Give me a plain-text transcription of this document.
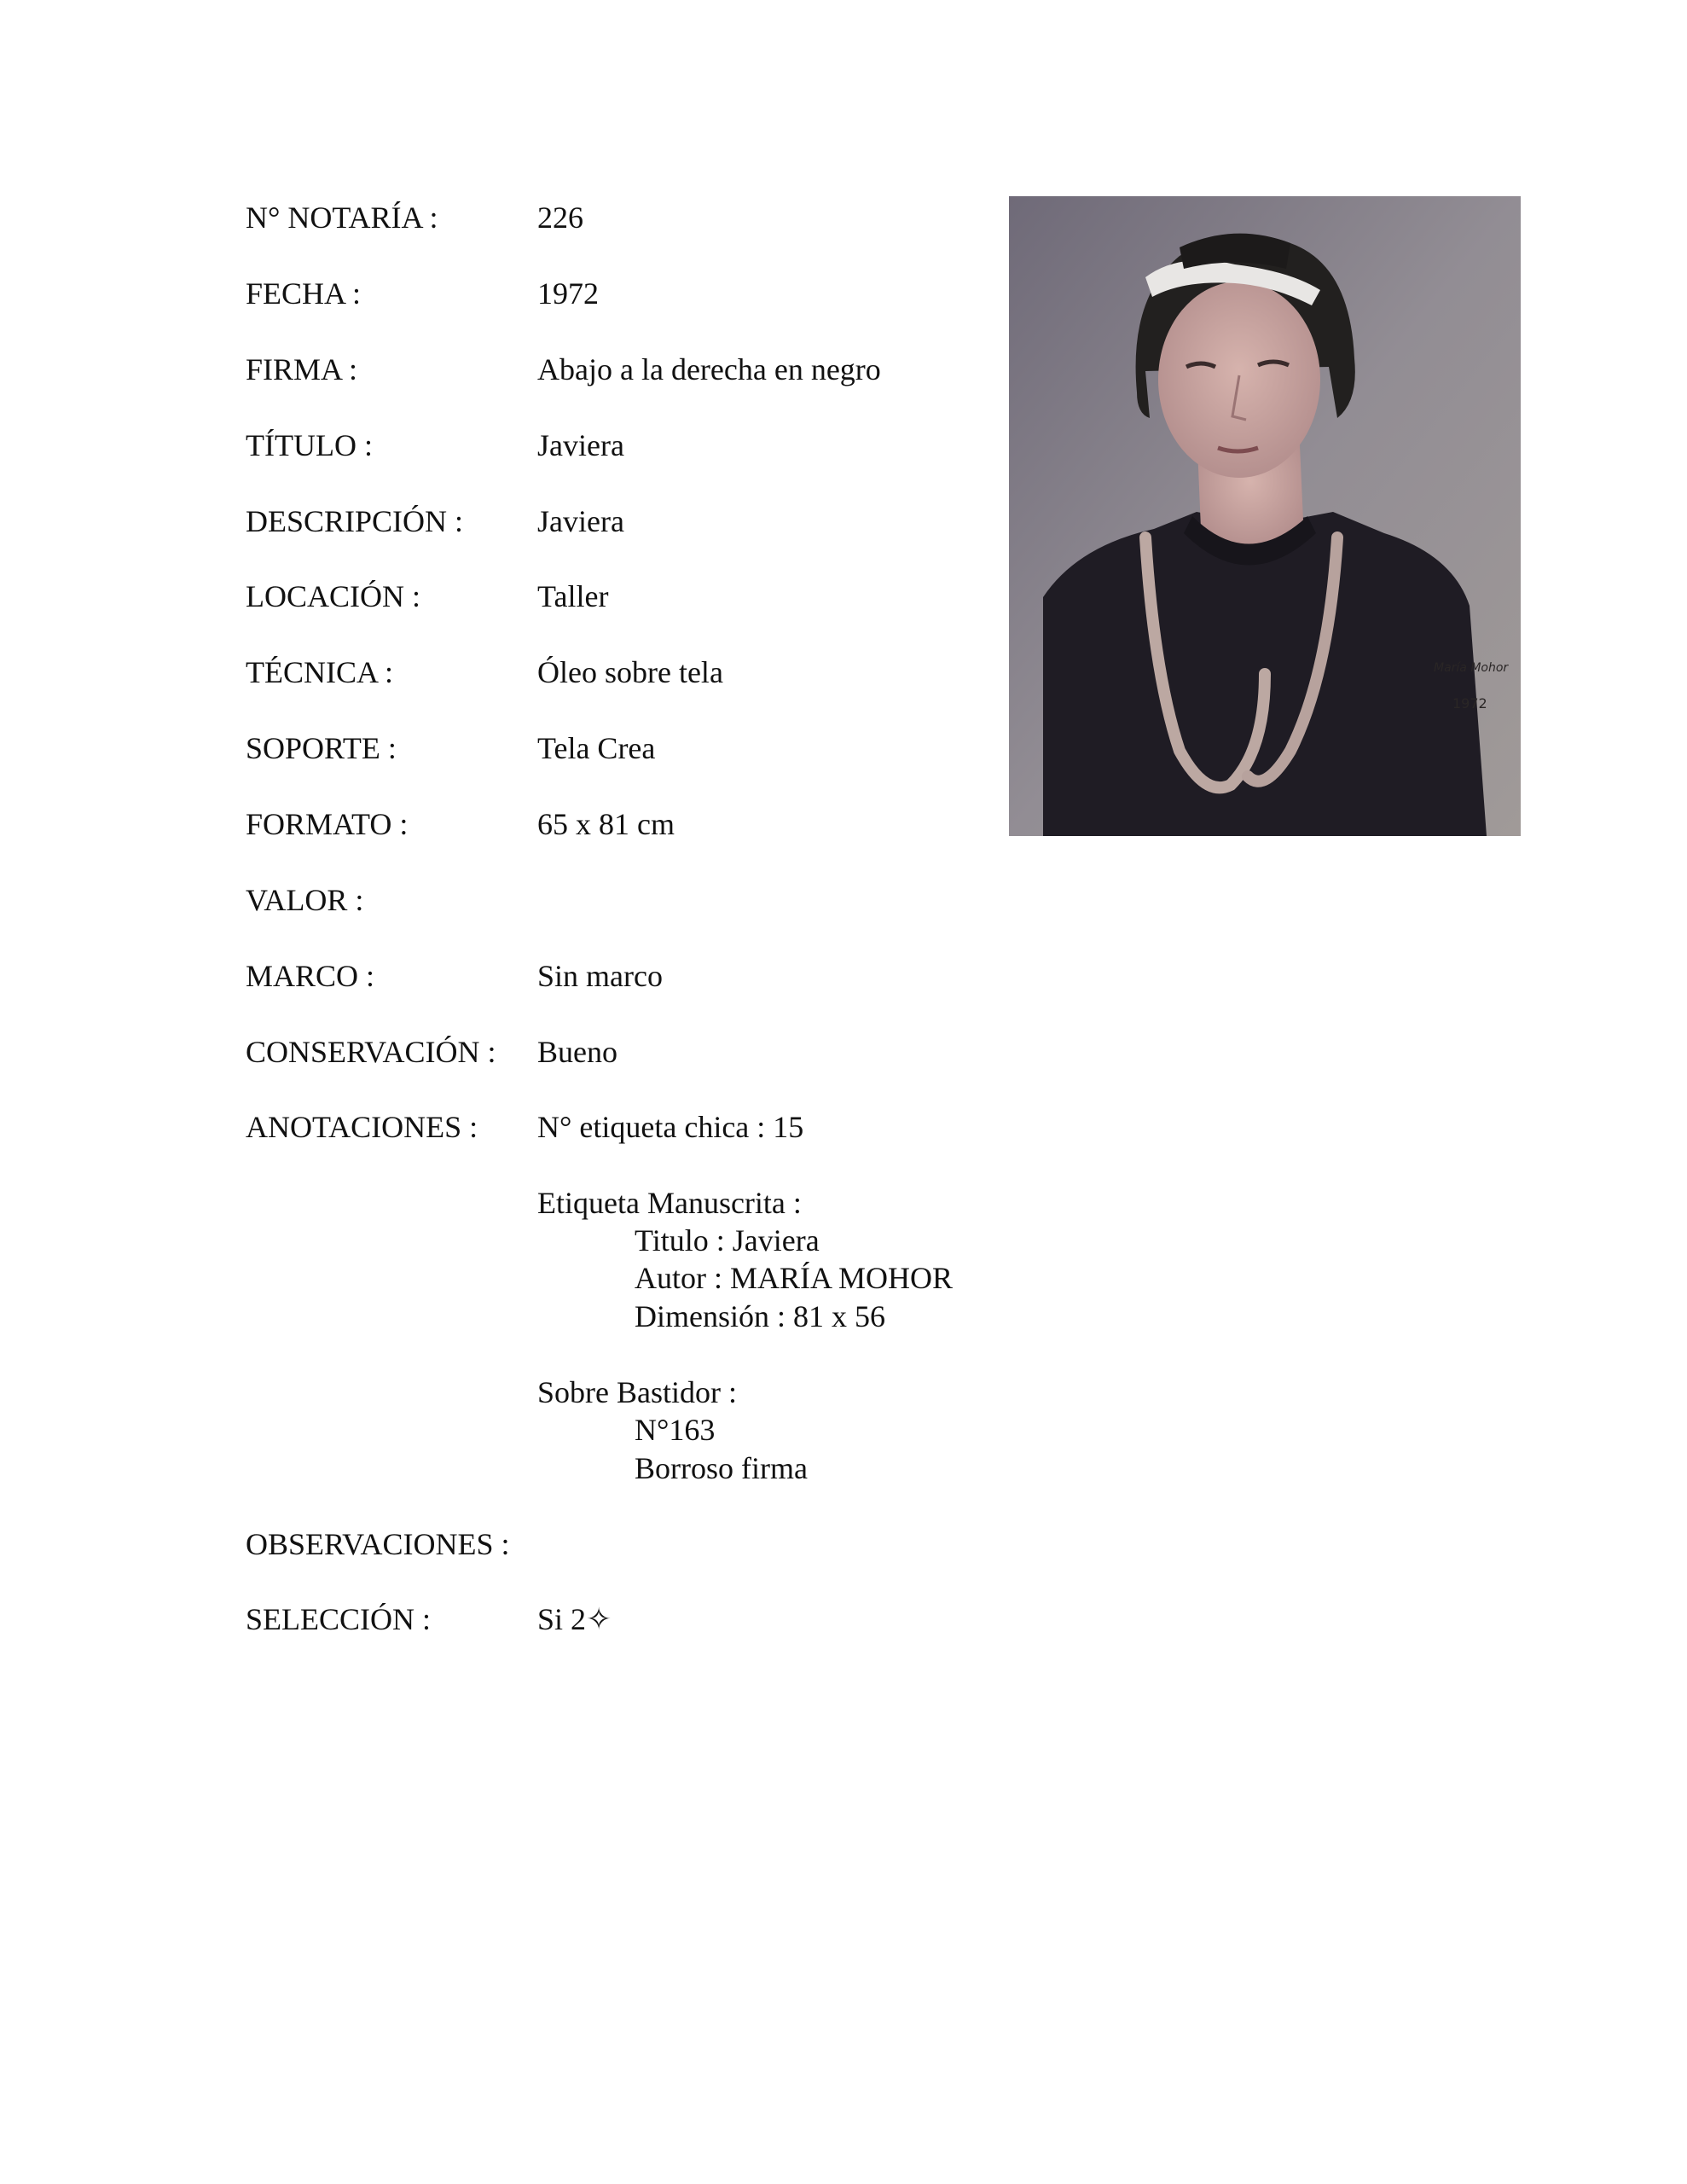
N° NOTARÍA :	226
FECHA :	1972
FIRMA :	Abajo a la derecha en negro
TÍTULO :	Javiera
DESCRIPCIÓN : Javiera
LOCACIÓN :	Taller
TÉCNICA :	Óleo sobre tela
SOPORTE :	Tela Crea
FORMATO :	65 x 81 cm
VALOR :
MARCO :	Sin marco
CONSERVACIÓN : Bueno
ANOTACIONES : N° etiqueta chica : 15
Etiqueta Manuscrita :
Titulo : Javiera
Autor : MARÍA MOHOR
Dimensión : 81 x 56
Sobre Bastidor :
N°163
Borroso firma
OBSERVACIONES :
SELECCIÓN :	Si 2✧
María Mohor
1972
